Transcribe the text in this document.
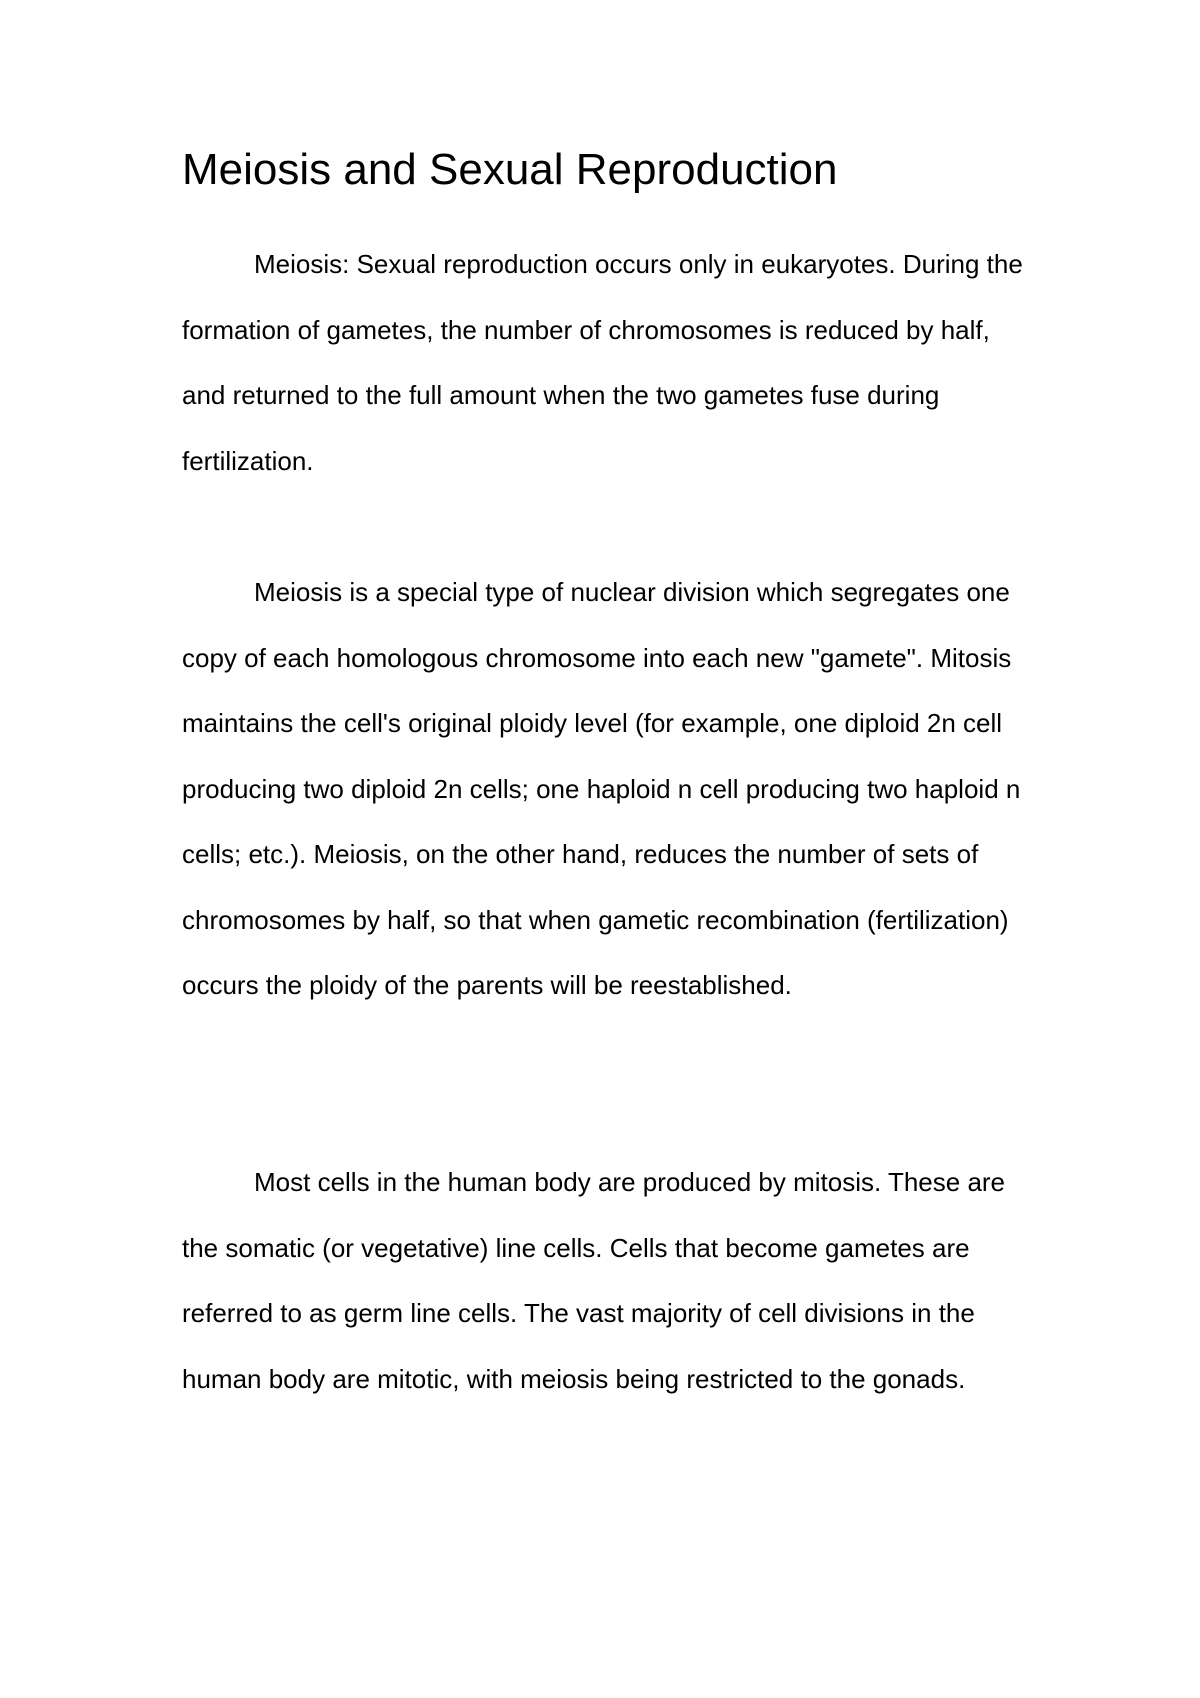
Meiosis and Sexual Reproduction

Meiosis: Sexual reproduction occurs only in eukaryotes. During the formation of gametes, the number of chromosomes is reduced by half, and returned to the full amount when the two gametes fuse during fertilization.

Meiosis is a special type of nuclear division which segregates one copy of each homologous chromosome into each new "gamete". Mitosis maintains the cell's original ploidy level (for example, one diploid 2n cell producing two diploid 2n cells; one haploid n cell producing two haploid n cells; etc.). Meiosis, on the other hand, reduces the number of sets of chromosomes by half, so that when gametic recombination (fertilization) occurs the ploidy of the parents will be reestablished.

Most cells in the human body are produced by mitosis. These are the somatic (or vegetative) line cells. Cells that become gametes are referred to as germ line cells. The vast majority of cell divisions in the human body are mitotic, with meiosis being restricted to the gonads.
